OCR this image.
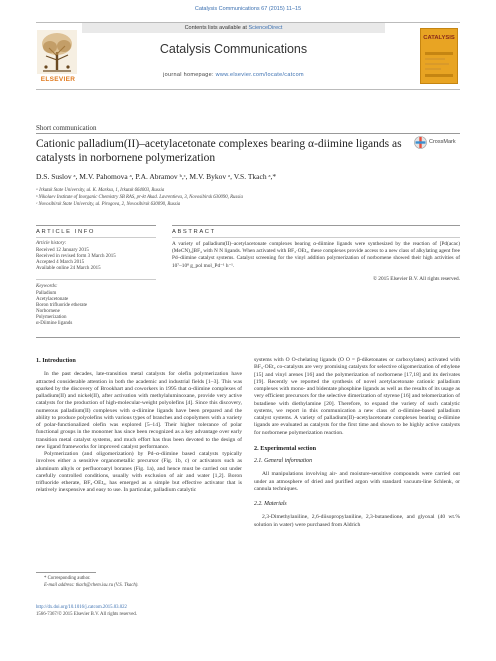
Catalysis Communications 67 (2015) 11–15
Contents lists available at ScienceDirect
Catalysis Communications
journal homepage: www.elsevier.com/locate/catcom
ELSEVIER
CATALYSIS
Short communication
Cationic palladium(II)–acetylacetonate complexes bearing α-diimine ligands as catalysts in norbornene polymerization
CrossMark
D.S. Suslov ᵃ, M.V. Pahomova ᵃ, P.A. Abramov ᵇ,ᶜ, M.V. Bykov ᵃ, V.S. Tkach ᵃ,*
ᵃ Irkutsk State University, ul. K. Marksa, 1, Irkutsk 664003, Russia
ᵇ Nikolaev Institute of Inorganic Chemistry SB RAS, pr-kt Akad. Lavrentieva, 3, Novosibirsk 630090, Russia
ᶜ Novosibirsk State University, ul. Pirogova, 2, Novosibirsk 630090, Russia
ARTICLE INFO	ABSTRACT
Article history:
Received 12 January 2015
Received in revised form 3 March 2015
Accepted 4 March 2015
Available online 24 March 2015
Keywords:
Palladium
Acetylacetonate
Boron trifluoride etherate
Norbornene
Polymerization
α-Diimine ligands
A variety of palladium(II)–acetylacetonate complexes bearing α-diimine ligands were synthesized by the reaction of [Pd(acac)(MeCN)₂]BF₄ with N N ligands. When activated with BF₃·OEt₂, these complexes provide access to a new class of alkylating agent free Pd–diimine catalyst systems. Catalyst screening for the vinyl addition polymerization of norbornene showed their high activities of 10⁷–10⁸ g_pol mol_Pd⁻¹ h⁻¹.
© 2015 Elsevier B.V. All rights reserved.

1. Introduction

In the past decades, late-transition metal catalysts for olefin polymerization have attracted considerable attention in both the academic and industrial fields [1–3]. This was sparked by the discovery of Brookhart and coworkers in 1995 that α-diimine complexes of palladium(II) and nickel(II), after activation with methylaluminoxane, provide very active catalysts for the production of high-molecular-weight polyolefins [4]. Since this discovery, numerous palladium(II) complexes with α-diimine ligands have been prepared and the ability to produce polyolefins with various types of branches and copolymers with a variety of polar-functionalized olefin was explored [5–14]. Their higher tolerance of polar functional groups in the monomer has since been recognized as a key advantage over early transition metal catalyst systems, and much effort has thus been devoted to the design of new ligand frameworks for improved catalyst performance.

Polymerization (and oligomerization) by Pd–α-diimine based catalysts typically involves either a sensitive organometallic precursor (Fig. 1b, c) or activators such as aluminum alkyls or perfluoroaryl boranes (Fig. 1a), and hence must be carried out under carefully controlled conditions, usually with exclusion of air and water [1,2]. Boron trifluoride etherate, BF₃·OEt₂, has emerged as a simple but effective activator that is relatively inexpensive and easy to use. In particular, palladium catalytic

* Corresponding author.
E-mail address: tkach@chem.isu.ru (V.S. Tkach).
http://dx.doi.org/10.1016/j.catcom.2015.03.022
1566-7367/© 2015 Elsevier B.V. All rights reserved.

systems with O O-chelating ligands (O O = β-diketonates or carboxylates) activated with BF₃·OEt₂ co-catalysts are very promising catalysts for selective oligomerization of ethylene [15] and vinyl arenes [16] and the polymerization of norbornene [17,18] and its derivates [19]. Recently we reported the synthesis of novel acetylacetonate cationic palladium complexes with mono- and bidentate phosphine ligands as well as the results of its usage as very efficient precursors for the selective dimerization of styrene [16] and telomerization of butadiene with diethylamine [20]. Therefore, to expand the variety of such catalytic systems, we report in this communication a new class of α-diimine-based palladium catalyst systems. A variety of palladium(II)–acetylacetonate complexes bearing α-diimine ligands are evaluated as catalysts for the first time and shown to be highly active catalysts for norbornene polymerization reaction.

2. Experimental section

2.1. General information

All manipulations involving air- and moisture-sensitive compounds were carried out under an atmosphere of dried and purified argon with standard vacuum-line Schlenk, or cannula techniques.

2.2. Materials

2,3-Dimethylaniline, 2,6-diisopropylaniline, 2,3-butanedione, and glyoxal (40 wt.% solution in water) were purchased from Aldrich
